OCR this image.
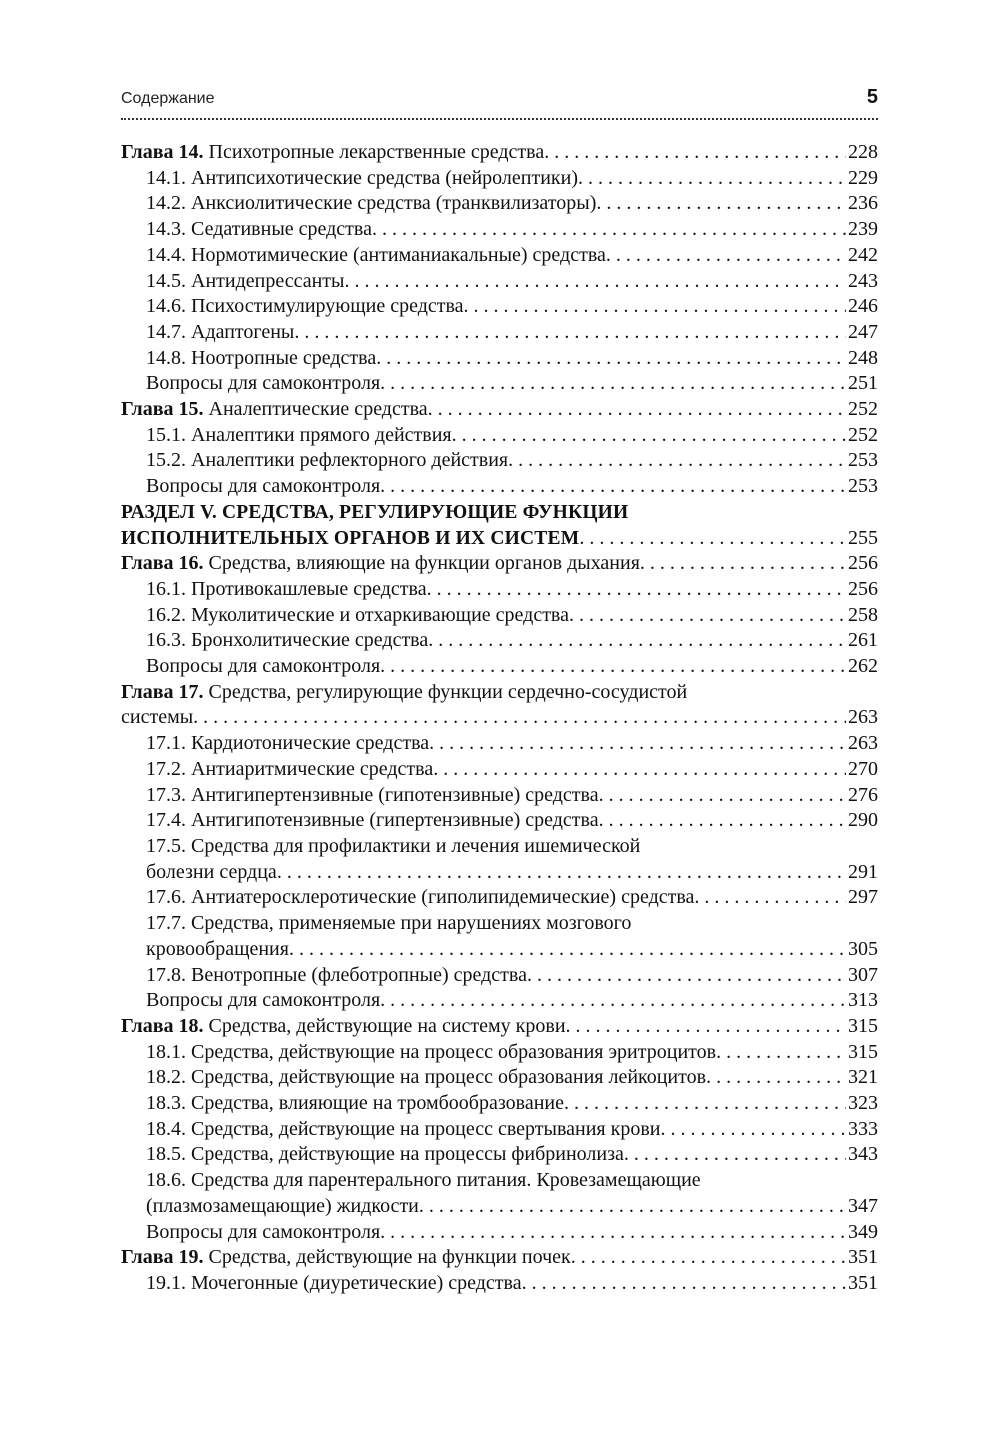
Содержание	5
Глава 14. Психотропные лекарственные средства . . .	228
14.1. Антипсихотические средства (нейролептики) . . .	229
14.2. Анксиолитические средства (транквилизаторы) . . .	236
14.3. Седативные средства . . .	239
14.4. Нормотимические (антиманиакальные) средства . . .	242
14.5. Антидепрессанты . . .	243
14.6. Психостимулирующие средства . . .	246
14.7. Адаптогены . . .	247
14.8. Ноотропные средства . . .	248
Вопросы для самоконтроля . . .	251
Глава 15. Аналептические средства . . .	252
15.1. Аналептики прямого действия . . .	252
15.2. Аналептики рефлекторного действия . . .	253
Вопросы для самоконтроля . . .	253
РАЗДЕЛ V. СРЕДСТВА, РЕГУЛИРУЮЩИЕ ФУНКЦИИ
ИСПОЛНИТЕЛЬНЫХ ОРГАНОВ И ИХ СИСТЕМ . . .	255
Глава 16. Средства, влияющие на функции органов дыхания . . .	256
16.1. Противокашлевые средства . . .	256
16.2. Муколитические и отхаркивающие средства . . .	258
16.3. Бронхолитические средства . . .	261
Вопросы для самоконтроля . . .	262
Глава 17. Средства, регулирующие функции сердечно-сосудистой
системы . . .	263
17.1. Кардиотонические средства . . .	263
17.2. Антиаритмические средства . . .	270
17.3. Антигипертензивные (гипотензивные) средства . . .	276
17.4. Антигипотензивные (гипертензивные) средства . . .	290
17.5. Средства для профилактики и лечения ишемической
болезни сердца . . .	291
17.6. Антиатеросклеротические (гиполипидемические) средства . . .	297
17.7. Средства, применяемые при нарушениях мозгового
кровообращения . . .	305
17.8. Венотропные (флеботропные) средства . . .	307
Вопросы для самоконтроля . . .	313
Глава 18. Средства, действующие на систему крови . . .	315
18.1. Средства, действующие на процесс образования эритроцитов . . .	315
18.2. Средства, действующие на процесс образования лейкоцитов . . .	321
18.3. Средства, влияющие на тромбообразование . . .	323
18.4. Средства, действующие на процесс свертывания крови . . .	333
18.5. Средства, действующие на процессы фибринолиза . . .	343
18.6. Средства для парентерального питания. Кровезамещающие
(плазмозамещающие) жидкости . . .	347
Вопросы для самоконтроля . . .	349
Глава 19. Средства, действующие на функции почек . . .	351
19.1. Мочегонные (диуретические) средства . . .	351
